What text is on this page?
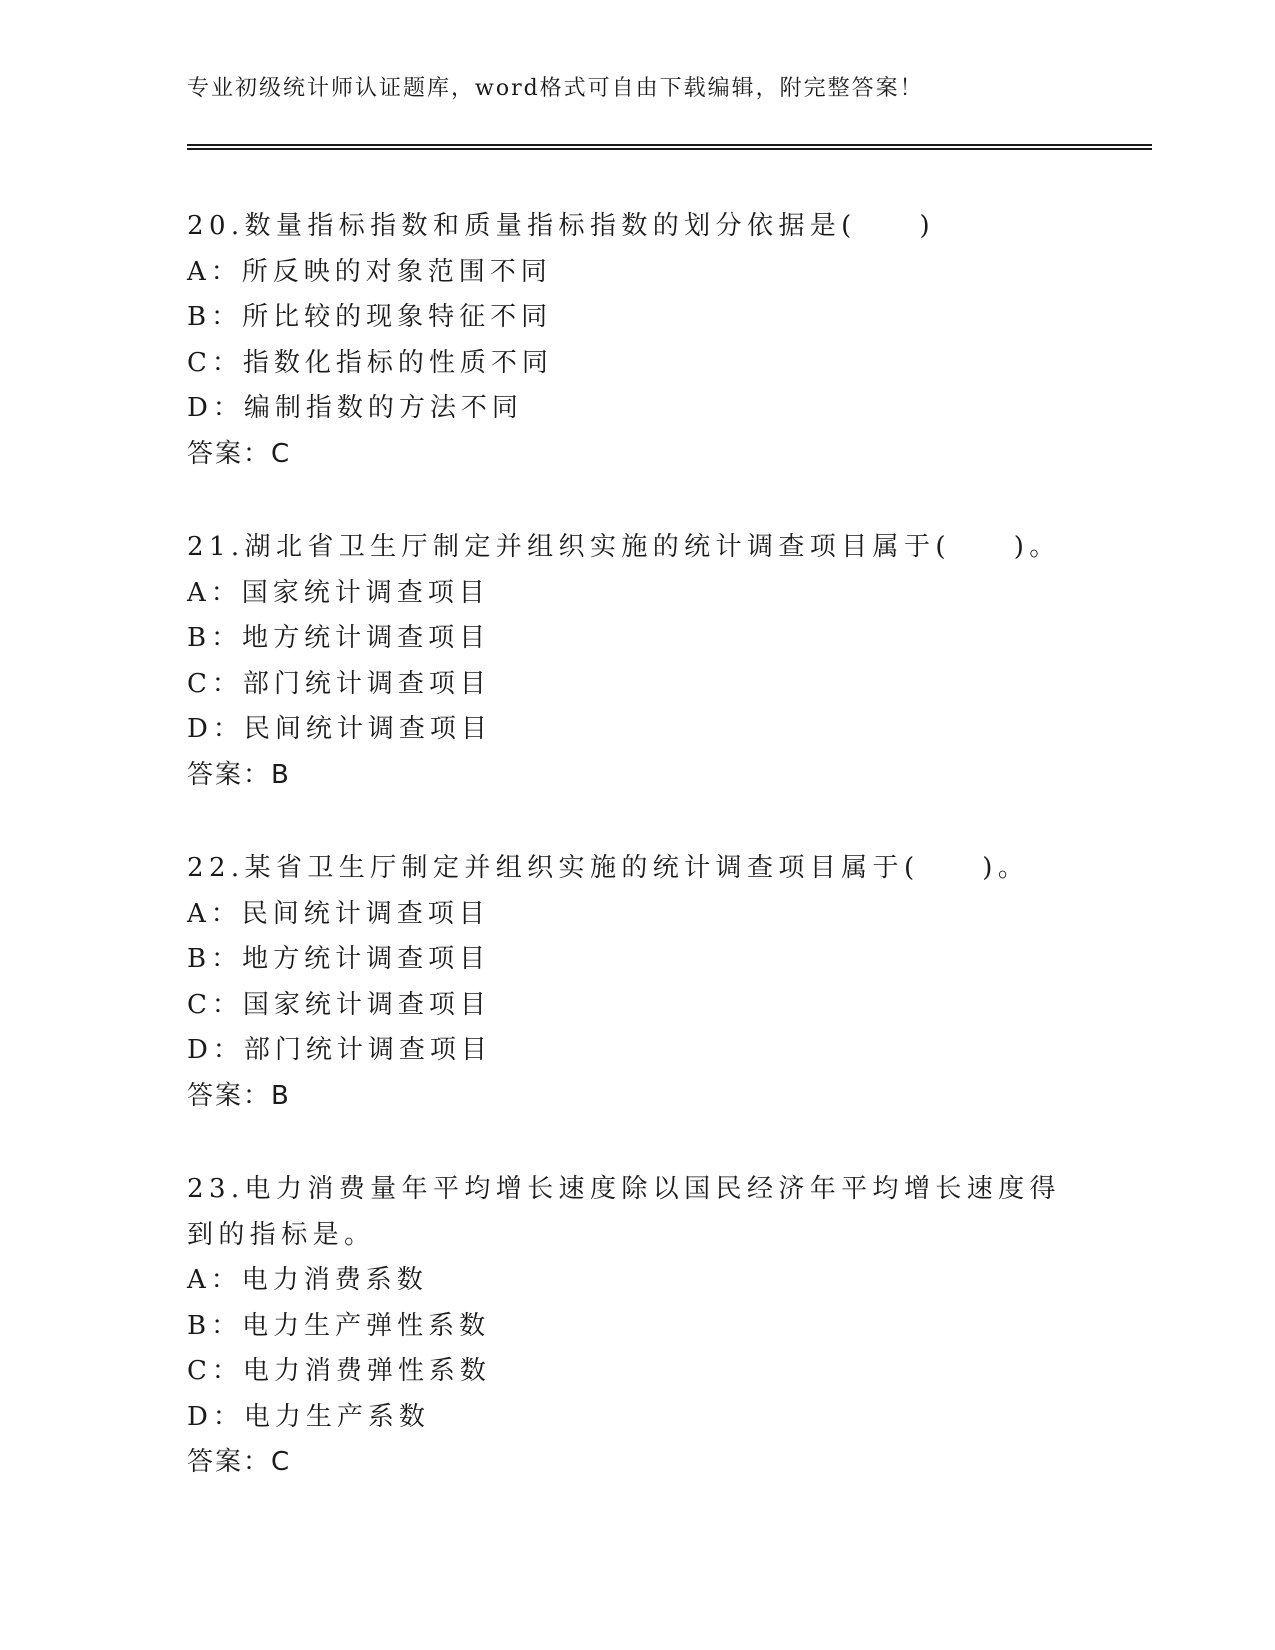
专业初级统计师认证题库，word格式可自由下载编辑，附完整答案！
20.数量指标指数和质量指标指数的划分依据是(　　)
A：所反映的对象范围不同
B：所比较的现象特征不同
C：指数化指标的性质不同
D：编制指数的方法不同
答案：C
21.湖北省卫生厅制定并组织实施的统计调查项目属于(　　)。
A：国家统计调查项目
B：地方统计调查项目
C：部门统计调查项目
D：民间统计调查项目
答案：B
22.某省卫生厅制定并组织实施的统计调查项目属于(　　)。
A：民间统计调查项目
B：地方统计调查项目
C：国家统计调查项目
D：部门统计调查项目
答案：B
23.电力消费量年平均增长速度除以国民经济年平均增长速度得到的指标是。
A：电力消费系数
B：电力生产弹性系数
C：电力消费弹性系数
D：电力生产系数
答案：C
